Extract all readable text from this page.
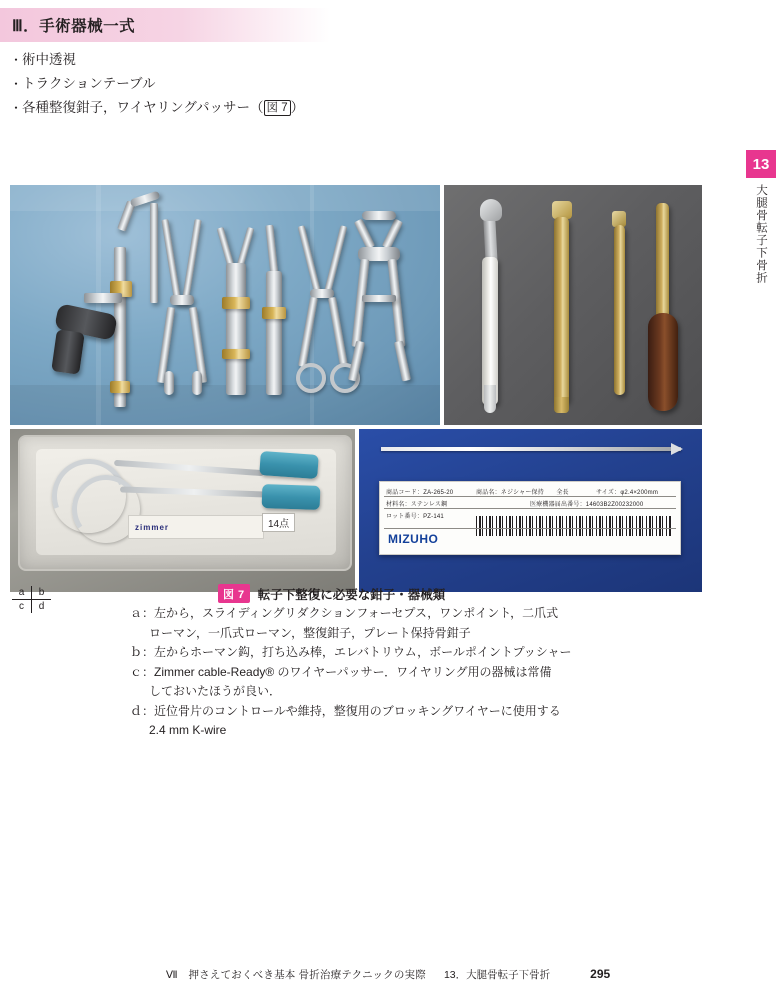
Ⅲ．手術器械一式
・術中透視
・トラクションテーブル
・各種整復鉗子，ワイヤリングパッサー（ 図 7 ）
13
大腿骨転子下骨折
zimmer	14点
商品コード：ZA-265-20	商品名：ネジシャー保持　　全長	サイズ：φ2.4×200mm
材料名：ステンレス鋼	医療機器届出番号：14603B2Z00232000
ロット番号：PZ-141
MIZUHO
a	b
c	d
図 7	転子下整復に必要な鉗子・器械類
ａ：左から，スライディングリダクションフォーセプス，ワンポイント，二爪式
ローマン，一爪式ローマン，整復鉗子，プレート保持骨鉗子
ｂ：左からホーマン鈎，打ち込み棒，エレバトリウム，ボールポイントプッシャー
ｃ：Zimmer cable-Ready® のワイヤーパッサー．ワイヤリング用の器械は常備
しておいたほうが良い．
ｄ：近位骨片のコントロールや維持，整復用のブロッキングワイヤーに使用する
2.4 mm K-wire
Ⅶ　押さえておくべき基本 骨折治療テクニックの実際 13．大腿骨転子下骨折	295
